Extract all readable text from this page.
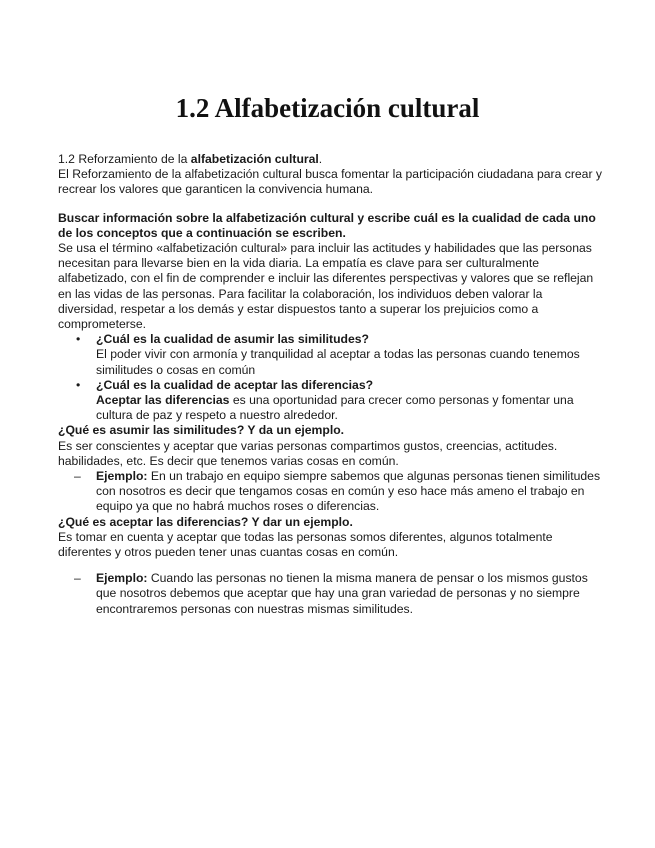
1.2 Alfabetización cultural

1.2 Reforzamiento de la alfabetización cultural.

El Reforzamiento de la alfabetización cultural busca fomentar la participación ciudadana para crear y recrear los valores que garanticen la convivencia humana.

Buscar información sobre la alfabetización cultural y escribe cuál es la cualidad de cada uno de los conceptos que a continuación se escriben.

Se usa el término «alfabetización cultural» para incluir las actitudes y habilidades que las personas necesitan para llevarse bien en la vida diaria. La empatía es clave para ser culturalmente alfabetizado, con el fin de comprender e incluir las diferentes perspectivas y valores que se reflejan en las vidas de las personas. Para facilitar la colaboración, los individuos deben valorar la diversidad, respetar a los demás y estar dispuestos tanto a superar los prejuicios como a comprometerse.

• ¿Cuál es la cualidad de asumir las similitudes?

El poder vivir con armonía y tranquilidad al aceptar a todas las personas cuando tenemos similitudes o cosas en común

• ¿Cuál es la cualidad de aceptar las diferencias?

Aceptar las diferencias es una oportunidad para crecer como personas y fomentar una cultura de paz y respeto a nuestro alrededor.

¿Qué es asumir las similitudes? Y da un ejemplo.

Es ser conscientes y aceptar que varias personas compartimos gustos, creencias, actitudes. habilidades, etc. Es decir que tenemos varias cosas en común.

– Ejemplo: En un trabajo en equipo siempre sabemos que algunas personas tienen similitudes con nosotros es decir que tengamos cosas en común y eso hace más ameno el trabajo en equipo ya que no habrá muchos roses o diferencias.

¿Qué es aceptar las diferencias? Y dar un ejemplo.

Es tomar en cuenta y aceptar que todas las personas somos diferentes, algunos totalmente diferentes y otros pueden tener unas cuantas cosas en común.

– Ejemplo: Cuando las personas no tienen la misma manera de pensar o los mismos gustos que nosotros debemos que aceptar que hay una gran variedad de personas y no siempre encontraremos personas con nuestras mismas similitudes.
